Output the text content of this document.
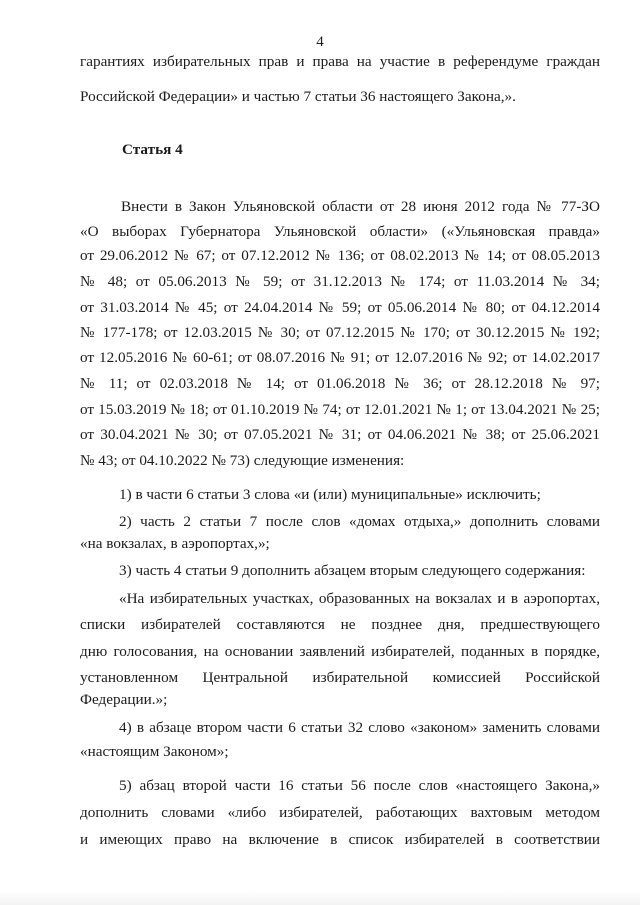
4
гарантиях избирательных прав и права на участие в референдуме граждан
Российской Федерации» и частью 7 статьи 36 настоящего Закона,».
Статья 4
Внести в Закон Ульяновской области от 28 июня 2012 года № 77-ЗО
«О выборах Губернатора Ульяновской области» («Ульяновская правда»
от 29.06.2012 № 67; от 07.12.2012 № 136; от 08.02.2013 № 14; от 08.05.2013
№ 48; от 05.06.2013 № 59; от 31.12.2013 № 174; от 11.03.2014 № 34;
от 31.03.2014 № 45; от 24.04.2014 № 59; от 05.06.2014 № 80; от 04.12.2014
№ 177-178; от 12.03.2015 № 30; от 07.12.2015 № 170; от 30.12.2015 № 192;
от 12.05.2016 № 60-61; от 08.07.2016 № 91; от 12.07.2016 № 92; от 14.02.2017
№ 11; от 02.03.2018 № 14; от 01.06.2018 № 36; от 28.12.2018 № 97;
от 15.03.2019 № 18; от 01.10.2019 № 74; от 12.01.2021 № 1; от 13.04.2021 № 25;
от 30.04.2021 № 30; от 07.05.2021 № 31; от 04.06.2021 № 38; от 25.06.2021
№ 43; от 04.10.2022 № 73) следующие изменения:
1) в части 6 статьи 3 слова «и (или) муниципальные» исключить;
2) часть 2 статьи 7 после слов «домах отдыха,» дополнить словами
«на вокзалах, в аэропортах,»;
3) часть 4 статьи 9 дополнить абзацем вторым следующего содержания:
«На избирательных участках, образованных на вокзалах и в аэропортах,
списки избирателей составляются не позднее дня, предшествующего
дню голосования, на основании заявлений избирателей, поданных в порядке,
установленном Центральной избирательной комиссией Российской
Федерации.»;
4) в абзаце втором части 6 статьи 32 слово «законом» заменить словами
«настоящим Законом»;
5) абзац второй части 16 статьи 56 после слов «настоящего Закона,»
дополнить словами «либо избирателей, работающих вахтовым методом
и имеющих право на включение в список избирателей в соответствии
